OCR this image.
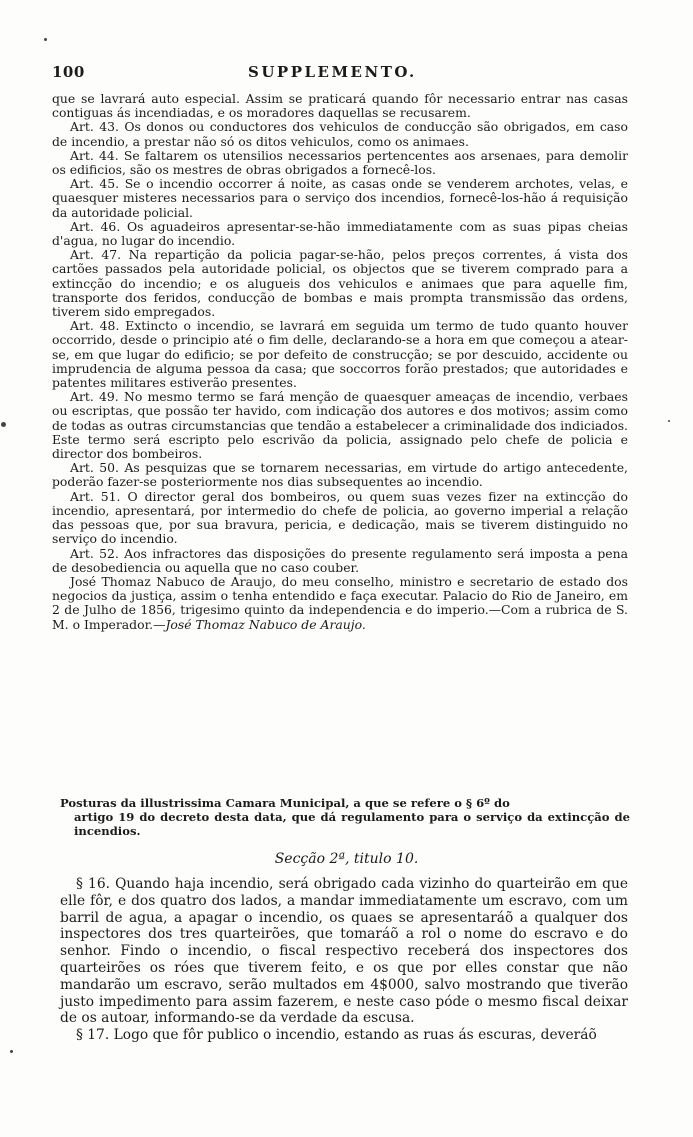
100	SUPPLEMENTO.

que se lavrará auto especial. Assim se praticará quando fôr necessario entrar nas casas contiguas ás incendiadas, e os moradores daquellas se recusarem.

Art. 43. Os donos ou conductores dos vehiculos de conducção são obrigados, em caso de incendio, a prestar não só os ditos vehiculos, como os animaes.

Art. 44. Se faltarem os utensilios necessarios pertencentes aos arsenaes, para demolir os edificios, são os mestres de obras obrigados a fornecê-los.

Art. 45. Se o incendio occorrer á noite, as casas onde se venderem archotes, velas, e quaesquer misteres necessarios para o serviço dos incendios, fornecê-los-hão á requisição da autoridade policial.

Art. 46. Os aguadeiros apresentar-se-hão immediatamente com as suas pipas cheias d'agua, no lugar do incendio.

Art. 47. Na repartição da policia pagar-se-hão, pelos preços correntes, á vista dos cartões passados pela autoridade policial, os objectos que se tiverem comprado para a extincção do incendio; e os alugueis dos vehiculos e animaes que para aquelle fim, transporte dos feridos, conducção de bombas e mais prompta transmissão das ordens, tiverem sido empregados.

Art. 48. Extincto o incendio, se lavrará em seguida um termo de tudo quanto houver occorrido, desde o principio até o fim delle, declarando-se a hora em que começou a atear-se, em que lugar do edificio; se por defeito de construcção; se por descuido, accidente ou imprudencia de alguma pessoa da casa; que soccorros forão prestados; que autoridades e patentes militares estiverão presentes.

Art. 49. No mesmo termo se fará menção de quaesquer ameaças de incendio, verbaes ou escriptas, que possão ter havido, com indicação dos autores e dos motivos; assim como de todas as outras circumstancias que tendão a estabelecer a criminalidade dos indiciados. Este termo será escripto pelo escrivão da policia, assignado pelo chefe de policia e director dos bombeiros.

Art. 50. As pesquizas que se tornarem necessarias, em virtude do artigo antecedente, poderão fazer-se posteriormente nos dias subsequentes ao incendio.

Art. 51. O director geral dos bombeiros, ou quem suas vezes fizer na extincção do incendio, apresentará, por intermedio do chefe de policia, ao governo imperial a relação das pessoas que, por sua bravura, pericia, e dedicação, mais se tiverem distinguido no serviço do incendio.

Art. 52. Aos infractores das disposições do presente regulamento será imposta a pena de desobediencia ou aquella que no caso couber.

José Thomaz Nabuco de Araujo, do meu conselho, ministro e secretario de estado dos negocios da justiça, assim o tenha entendido e faça executar. Palacio do Rio de Janeiro, em 2 de Julho de 1856, trigesimo quinto da independencia e do imperio.—Com a rubrica de S. M. o Imperador.—José Thomaz Nabuco de Araujo.

Posturas da illustrissima Camara Municipal, a que se refere o § 6º do
artigo 19 do decreto desta data, que dá regulamento para o serviço da extincção de incendios.
Secção 2ª, titulo 10.

§ 16. Quando haja incendio, será obrigado cada vizinho do quarteirão em que elle fôr, e dos quatro dos lados, a mandar immediatamente um escravo, com um barril de agua, a apagar o incendio, os quaes se apresentaráõ a qualquer dos inspectores dos tres quarteirões, que tomaráõ a rol o nome do escravo e do senhor. Findo o incendio, o fiscal respectivo receberá dos inspectores dos quarteirões os róes que tiverem feito, e os que por elles constar que não mandarão um escravo, serão multados em 4$000, salvo mostrando que tiverão justo impedimento para assim fazerem, e neste caso póde o mesmo fiscal deixar de os autoar, informando-se da verdade da escusa.

§ 17. Logo que fôr publico o incendio, estando as ruas ás escuras, deveráõ
